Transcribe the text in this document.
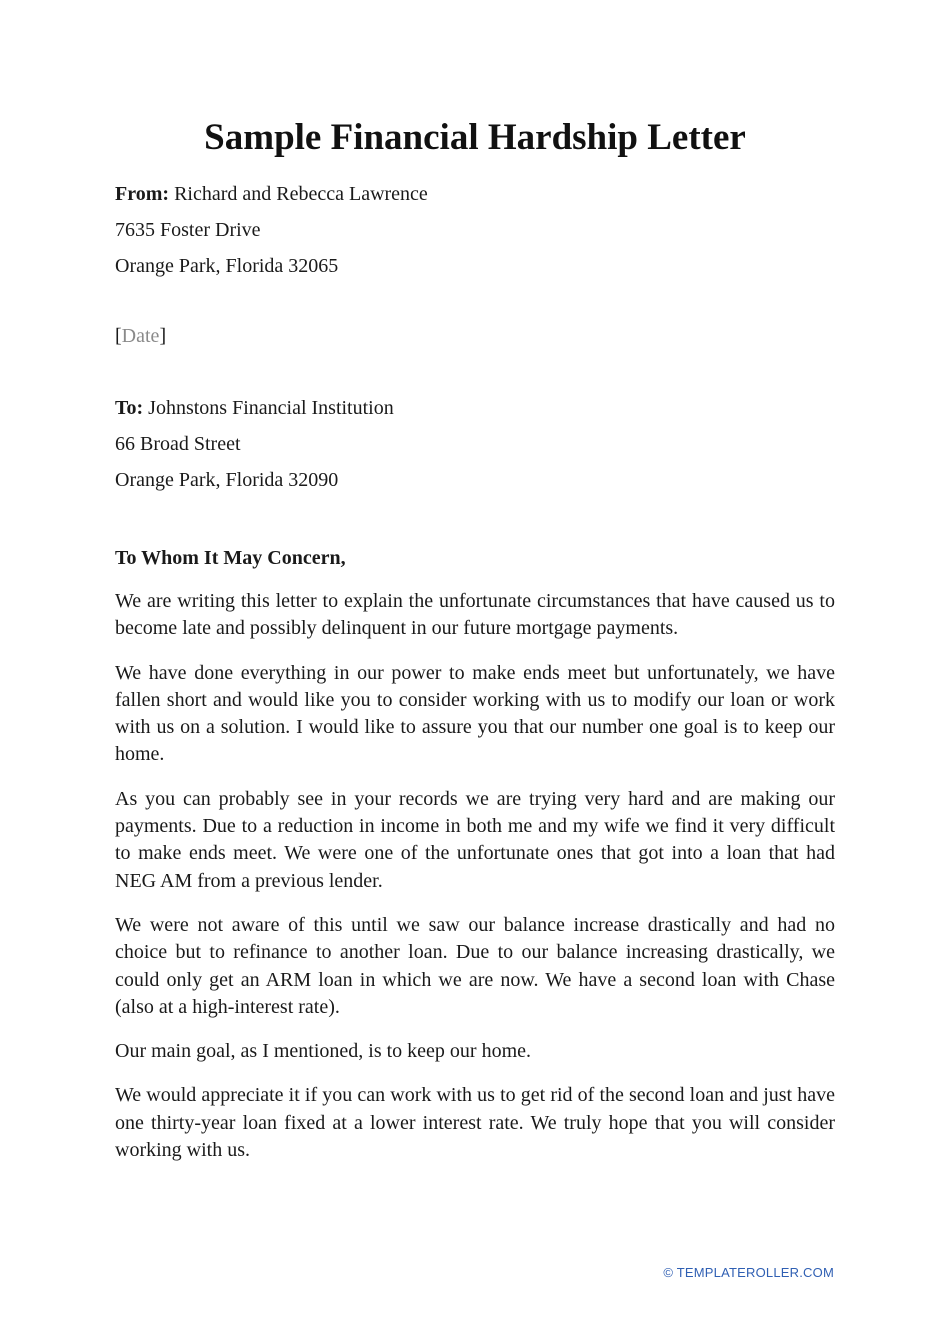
Sample Financial Hardship Letter
From: Richard and Rebecca Lawrence
7635 Foster Drive
Orange Park, Florida 32065
[Date]
To: Johnstons Financial Institution
66 Broad Street
Orange Park, Florida 32090

To Whom It May Concern,

We are writing this letter to explain the unfortunate circumstances that have caused us to become late and possibly delinquent in our future mortgage payments.

We have done everything in our power to make ends meet but unfortunately, we have fallen short and would like you to consider working with us to modify our loan or work with us on a solution. I would like to assure you that our number one goal is to keep our home.

As you can probably see in your records we are trying very hard and are making our payments. Due to a reduction in income in both me and my wife we find it very difficult to make ends meet. We were one of the unfortunate ones that got into a loan that had NEG AM from a previous lender.

We were not aware of this until we saw our balance increase drastically and had no choice but to refinance to another loan. Due to our balance increasing drastically, we could only get an ARM loan in which we are now. We have a second loan with Chase (also at a high-interest rate).

Our main goal, as I mentioned, is to keep our home.

We would appreciate it if you can work with us to get rid of the second loan and just have one thirty-year loan fixed at a lower interest rate. We truly hope that you will consider working with us.

© TEMPLATEROLLER.COM
